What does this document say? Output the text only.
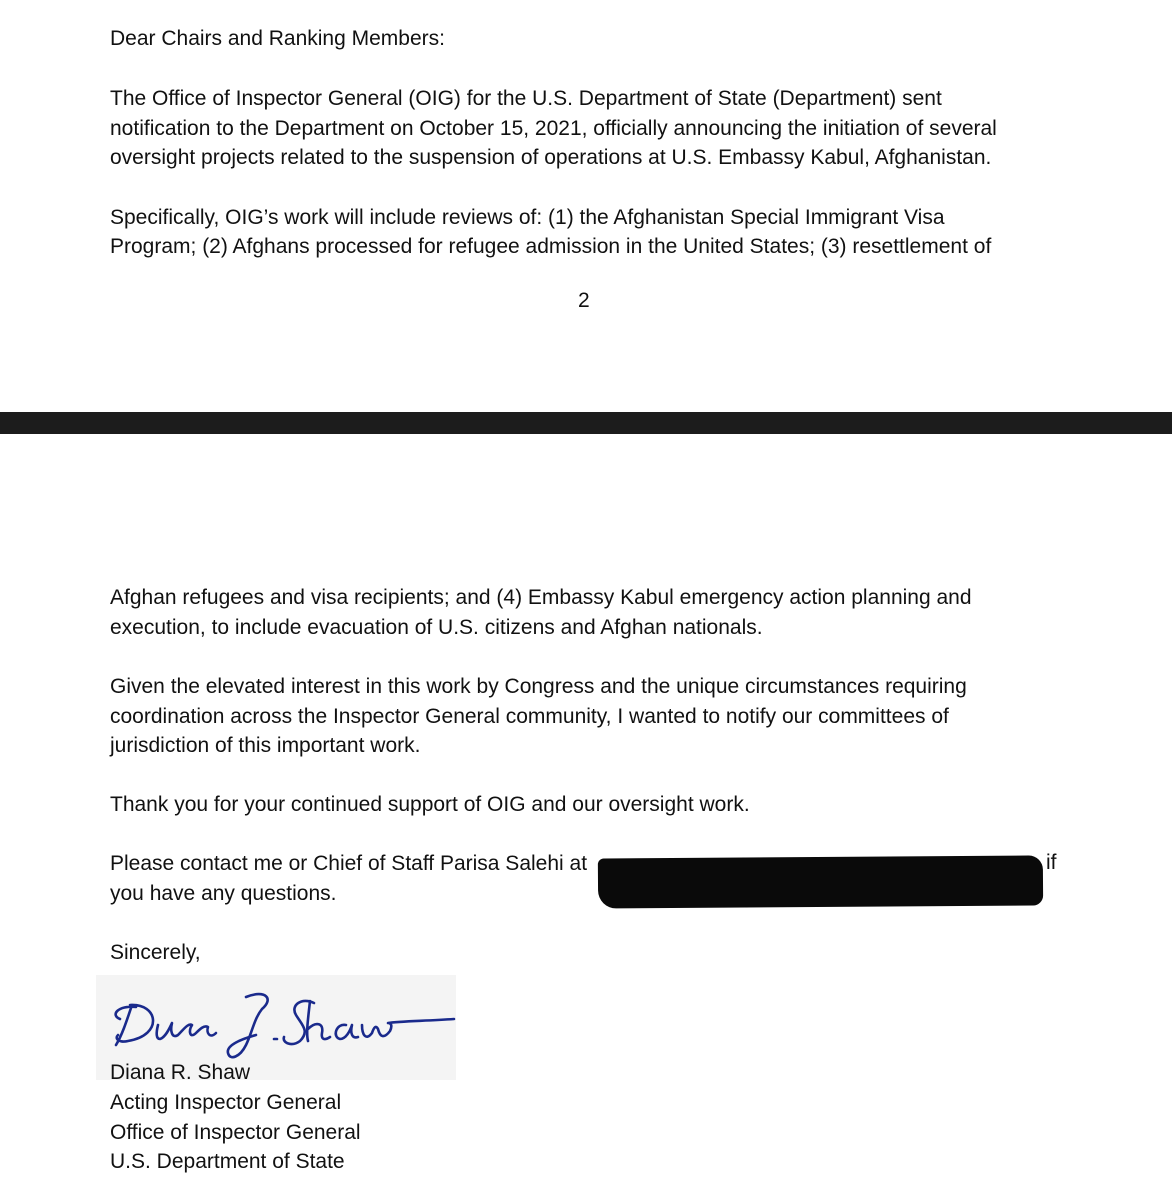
Dear Chairs and Ranking Members:
The Office of Inspector General (OIG) for the U.S. Department of State (Department) sent
notification to the Department on October 15, 2021, officially announcing the initiation of several
oversight projects related to the suspension of operations at U.S. Embassy Kabul, Afghanistan.
Specifically, OIG’s work will include reviews of: (1) the Afghanistan Special Immigrant Visa
Program; (2) Afghans processed for refugee admission in the United States; (3) resettlement of
2
Afghan refugees and visa recipients; and (4) Embassy Kabul emergency action planning and
execution, to include evacuation of U.S. citizens and Afghan nationals.
Given the elevated interest in this work by Congress and the unique circumstances requiring
coordination across the Inspector General community, I wanted to notify our committees of
jurisdiction of this important work.
Thank you for your continued support of OIG and our oversight work.
Please contact me or Chief of Staff Parisa Salehi at	if
you have any questions.
Sincerely,
Diana R. Shaw
Acting Inspector General
Office of Inspector General
U.S. Department of State
